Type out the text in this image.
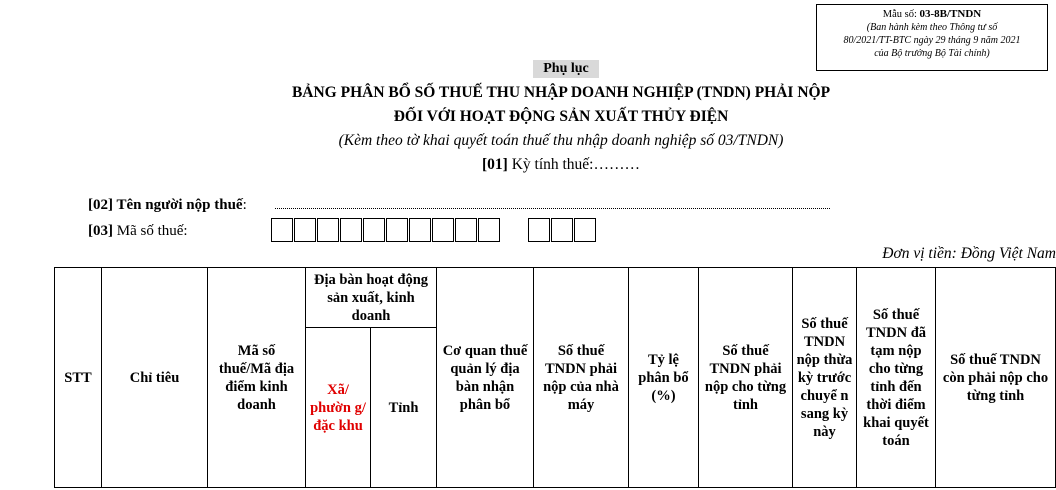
Mẫu số: 03-8B/TNDN
(Ban hành kèm theo Thông tư số
80/2021/TT-BTC ngày 29 tháng 9 năm 2021
của Bộ trưởng Bộ Tài chính)
Phụ lục
BẢNG PHÂN BỔ SỐ THUẾ THU NHẬP DOANH NGHIỆP (TNDN) PHẢI NỘP
ĐỐI VỚI HOẠT ĐỘNG SẢN XUẤT THỦY ĐIỆN
(Kèm theo tờ khai quyết toán thuế thu nhập doanh nghiệp số 03/TNDN)
[01] Kỳ tính thuế:………
[02] Tên người nộp thuế:
[03] Mã số thuế:
Đơn vị tiền: Đồng Việt Nam
STT	Chỉ tiêu	Mã số thuế/Mã địa điểm kinh doanh	Địa bàn hoạt động sản xuất, kinh doanh		Cơ quan thuế quản lý địa bàn nhận phân bổ	Số thuế TNDN phải nộp của nhà máy	Tỷ lệ phân bổ (%)	Số thuế TNDN phải nộp cho từng tỉnh	Số thuế TNDN nộp thừa kỳ trước chuyể n sang kỳ này	Số thuế TNDN đã tạm nộp cho từng tỉnh đến thời điểm khai quyết toán	Số thuế TNDN còn phải nộp cho từng tỉnh
			Xã/ phườn g/đặc khu	Tỉnh							
